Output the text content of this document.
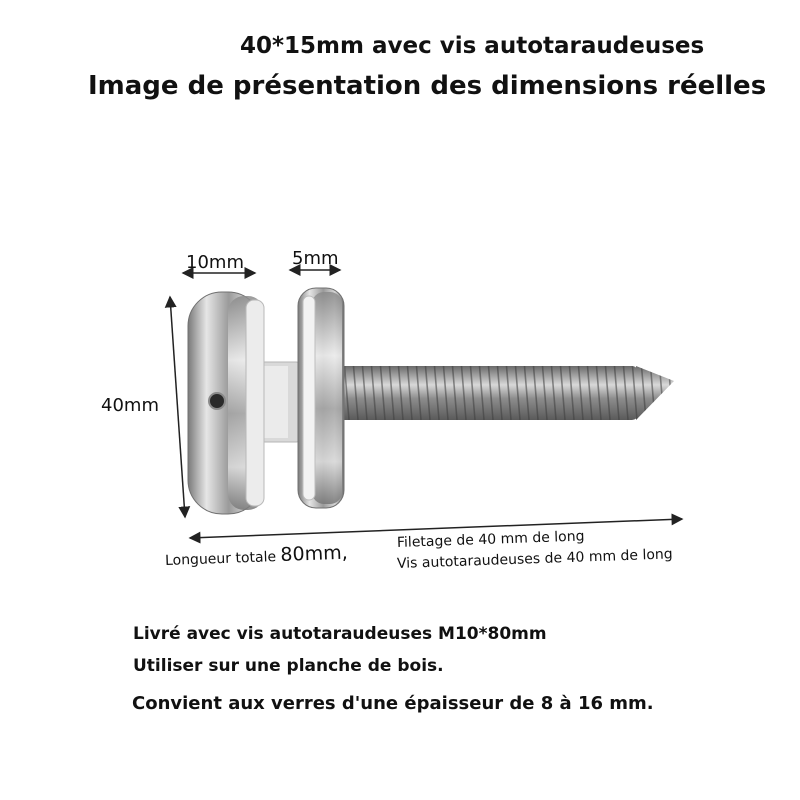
40*15mm avec vis autotaraudeuses
Image de présentation des dimensions réelles
10mm	5mm
40mm
Longueur totale 80mm,
Filetage de 40 mm de long
Vis autotaraudeuses de 40 mm de long
Livré avec vis autotaraudeuses M10*80mm
Utiliser sur une planche de bois.
Convient aux verres d'une épaisseur de 8 à 16 mm.
